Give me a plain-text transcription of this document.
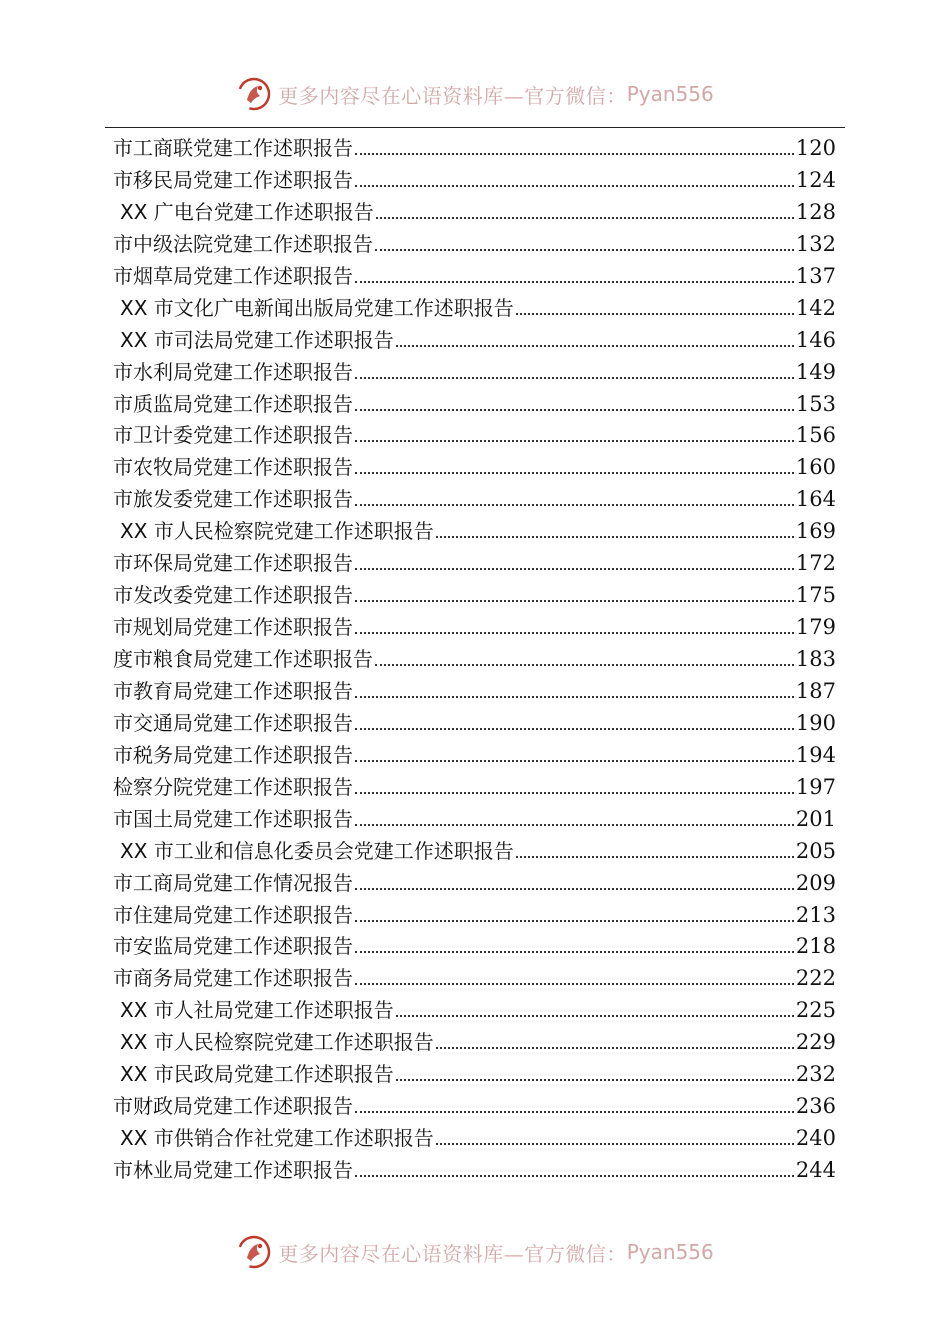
更多内容尽在心语资料库—官方微信： Pyan556
市工商联党建工作述职报告	120
市移民局党建工作述职报告	124
XX 广电台党建工作述职报告	128
市中级法院党建工作述职报告	132
市烟草局党建工作述职报告	137
XX 市文化广电新闻出版局党建工作述职报告	142
XX 市司法局党建工作述职报告	146
市水利局党建工作述职报告	149
市质监局党建工作述职报告	153
市卫计委党建工作述职报告	156
市农牧局党建工作述职报告	160
市旅发委党建工作述职报告	164
XX 市人民检察院党建工作述职报告	169
市环保局党建工作述职报告	172
市发改委党建工作述职报告	175
市规划局党建工作述职报告	179
度市粮食局党建工作述职报告	183
市教育局党建工作述职报告	187
市交通局党建工作述职报告	190
市税务局党建工作述职报告	194
检察分院党建工作述职报告	197
市国土局党建工作述职报告	201
XX 市工业和信息化委员会党建工作述职报告	205
市工商局党建工作情况报告	209
市住建局党建工作述职报告	213
市安监局党建工作述职报告	218
市商务局党建工作述职报告	222
XX 市人社局党建工作述职报告	225
XX 市人民检察院党建工作述职报告	229
XX 市民政局党建工作述职报告	232
市财政局党建工作述职报告	236
XX 市供销合作社党建工作述职报告	240
市林业局党建工作述职报告	244
更多内容尽在心语资料库—官方微信： Pyan556
